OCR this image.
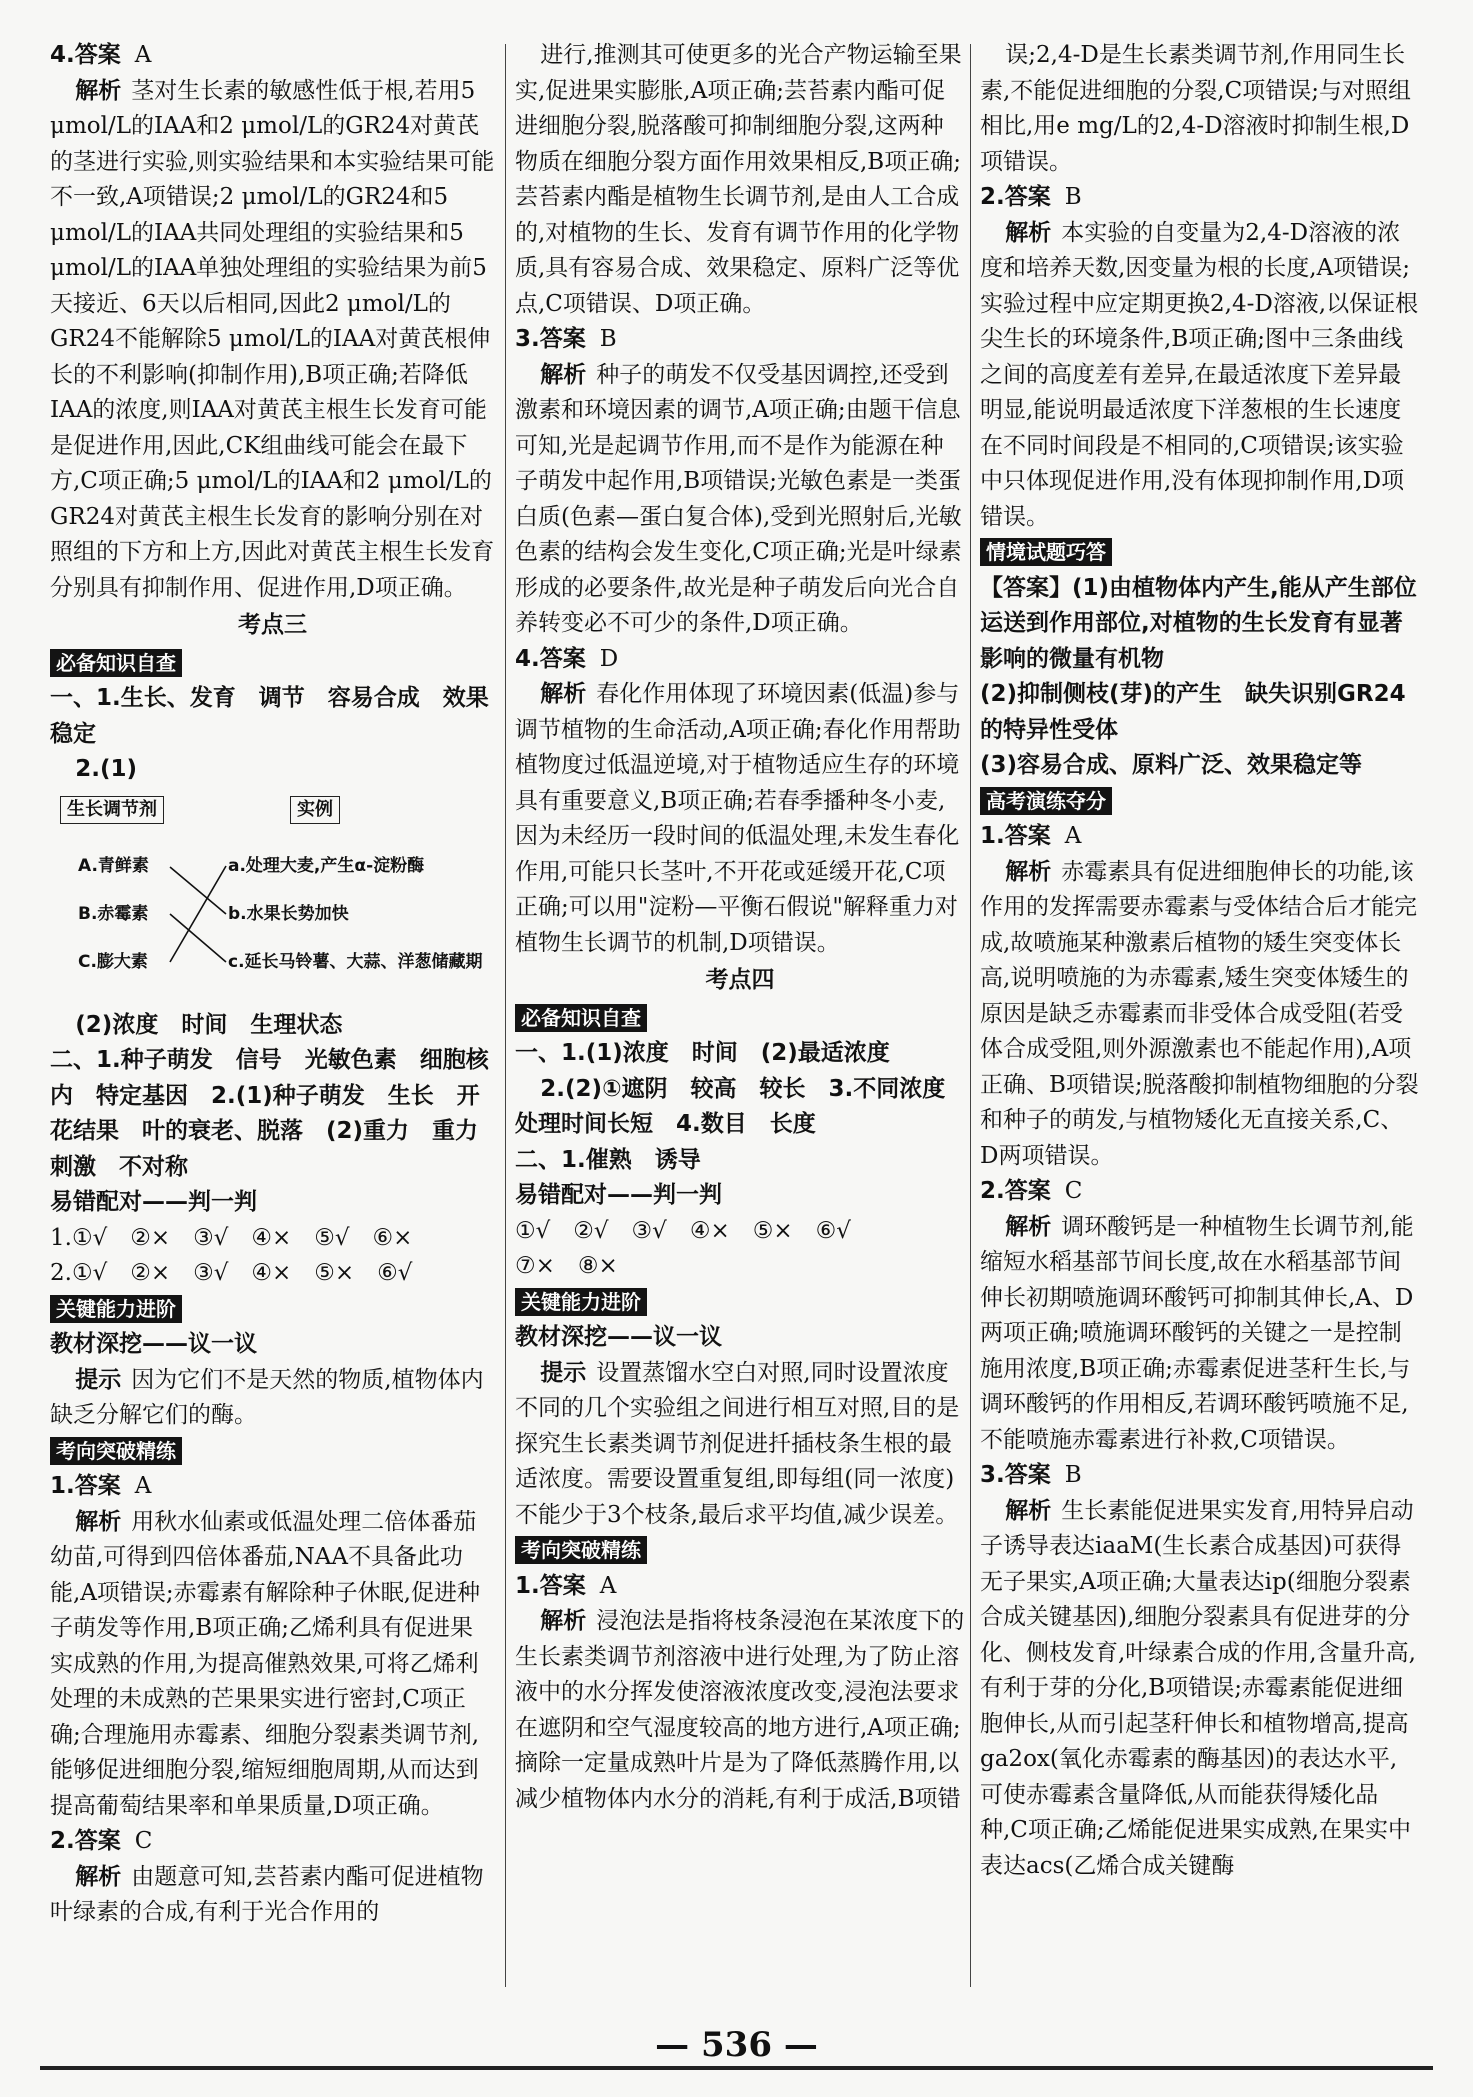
4.答案 A
解析 茎对生长素的敏感性低于根,若用5 μmol/L的IAA和2 μmol/L的GR24对黄芪的茎进行实验,则实验结果和本实验结果可能不一致,A项错误;2 μmol/L的GR24和5 μmol/L的IAA共同处理组的实验结果和5 μmol/L的IAA单独处理组的实验结果为前5天接近、6天以后相同,因此2 μmol/L的GR24不能解除5 μmol/L的IAA对黄芪根伸长的不利影响(抑制作用),B项正确;若降低IAA的浓度,则IAA对黄芪主根生长发育可能是促进作用,因此,CK组曲线可能会在最下方,C项正确;5 μmol/L的IAA和2 μmol/L的GR24对黄芪主根生长发育的影响分别在对照组的下方和上方,因此对黄芪主根生长发育分别具有抑制作用、促进作用,D项正确。
考点三
必备知识自查
一、1.生长、发育　调节　容易合成　效果稳定
2.(1)
生长调节剂	实例
A.青鲜素
B.赤霉素
C.膨大素
a.处理大麦,产生α-淀粉酶
b.水果长势加快
c.延长马铃薯、大蒜、洋葱储藏期
(2)浓度　时间　生理状态
二、1.种子萌发　信号　光敏色素　细胞核内　特定基因　2.(1)种子萌发　生长　开花结果　叶的衰老、脱落　(2)重力　重力刺激　不对称
易错配对——判一判
1.①√　②×　③√　④×　⑤√　⑥×
2.①√　②×　③√　④×　⑤×　⑥√
关键能力进阶
教材深挖——议一议
提示 因为它们不是天然的物质,植物体内缺乏分解它们的酶。
考向突破精练
1.答案 A
解析 用秋水仙素或低温处理二倍体番茄幼苗,可得到四倍体番茄,NAA不具备此功能,A项错误;赤霉素有解除种子休眠,促进种子萌发等作用,B项正确;乙烯利具有促进果实成熟的作用,为提高催熟效果,可将乙烯利处理的未成熟的芒果果实进行密封,C项正确;合理施用赤霉素、细胞分裂素类调节剂,能够促进细胞分裂,缩短细胞周期,从而达到提高葡萄结果率和单果质量,D项正确。
2.答案 C
解析 由题意可知,芸苔素内酯可促进植物叶绿素的合成,有利于光合作用的
进行,推测其可使更多的光合产物运输至果实,促进果实膨胀,A项正确;芸苔素内酯可促进细胞分裂,脱落酸可抑制细胞分裂,这两种物质在细胞分裂方面作用效果相反,B项正确;芸苔素内酯是植物生长调节剂,是由人工合成的,对植物的生长、发育有调节作用的化学物质,具有容易合成、效果稳定、原料广泛等优点,C项错误、D项正确。
3.答案 B
解析 种子的萌发不仅受基因调控,还受到激素和环境因素的调节,A项正确;由题干信息可知,光是起调节作用,而不是作为能源在种子萌发中起作用,B项错误;光敏色素是一类蛋白质(色素—蛋白复合体),受到光照射后,光敏色素的结构会发生变化,C项正确;光是叶绿素形成的必要条件,故光是种子萌发后向光合自养转变必不可少的条件,D项正确。
4.答案 D
解析 春化作用体现了环境因素(低温)参与调节植物的生命活动,A项正确;春化作用帮助植物度过低温逆境,对于植物适应生存的环境具有重要意义,B项正确;若春季播种冬小麦,因为未经历一段时间的低温处理,未发生春化作用,可能只长茎叶,不开花或延缓开花,C项正确;可以用"淀粉—平衡石假说"解释重力对植物生长调节的机制,D项错误。
考点四
必备知识自查
一、1.(1)浓度　时间　(2)最适浓度
2.(2)①遮阴　较高　较长　3.不同浓度　处理时间长短　4.数目　长度
二、1.催熟　诱导
易错配对——判一判
①√　②√　③√　④×　⑤×　⑥√
⑦×　⑧×
关键能力进阶
教材深挖——议一议
提示 设置蒸馏水空白对照,同时设置浓度不同的几个实验组之间进行相互对照,目的是探究生长素类调节剂促进扦插枝条生根的最适浓度。需要设置重复组,即每组(同一浓度)不能少于3个枝条,最后求平均值,减少误差。
考向突破精练
1.答案 A
解析 浸泡法是指将枝条浸泡在某浓度下的生长素类调节剂溶液中进行处理,为了防止溶液中的水分挥发使溶液浓度改变,浸泡法要求在遮阴和空气湿度较高的地方进行,A项正确;摘除一定量成熟叶片是为了降低蒸腾作用,以减少植物体内水分的消耗,有利于成活,B项错
误;2,4-D是生长素类调节剂,作用同生长素,不能促进细胞的分裂,C项错误;与对照组相比,用e mg/L的2,4-D溶液时抑制生根,D项错误。
2.答案 B
解析 本实验的自变量为2,4-D溶液的浓度和培养天数,因变量为根的长度,A项错误;实验过程中应定期更换2,4-D溶液,以保证根尖生长的环境条件,B项正确;图中三条曲线之间的高度差有差异,在最适浓度下差异最明显,能说明最适浓度下洋葱根的生长速度在不同时间段是不相同的,C项错误;该实验中只体现促进作用,没有体现抑制作用,D项错误。
情境试题巧答
【答案】(1)由植物体内产生,能从产生部位运送到作用部位,对植物的生长发育有显著影响的微量有机物
(2)抑制侧枝(芽)的产生　缺失识别GR24的特异性受体
(3)容易合成、原料广泛、效果稳定等
高考演练夺分
1.答案 A
解析 赤霉素具有促进细胞伸长的功能,该作用的发挥需要赤霉素与受体结合后才能完成,故喷施某种激素后植物的矮生突变体长高,说明喷施的为赤霉素,矮生突变体矮生的原因是缺乏赤霉素而非受体合成受阻(若受体合成受阻,则外源激素也不能起作用),A项正确、B项错误;脱落酸抑制植物细胞的分裂和种子的萌发,与植物矮化无直接关系,C、D两项错误。
2.答案 C
解析 调环酸钙是一种植物生长调节剂,能缩短水稻基部节间长度,故在水稻基部节间伸长初期喷施调环酸钙可抑制其伸长,A、D两项正确;喷施调环酸钙的关键之一是控制施用浓度,B项正确;赤霉素促进茎秆生长,与调环酸钙的作用相反,若调环酸钙喷施不足,不能喷施赤霉素进行补救,C项错误。
3.答案 B
解析 生长素能促进果实发育,用特异启动子诱导表达iaaM(生长素合成基因)可获得无子果实,A项正确;大量表达ip(细胞分裂素合成关键基因),细胞分裂素具有促进芽的分化、侧枝发育,叶绿素合成的作用,含量升高,有利于芽的分化,B项错误;赤霉素能促进细胞伸长,从而引起茎秆伸长和植物增高,提高ga2ox(氧化赤霉素的酶基因)的表达水平,可使赤霉素含量降低,从而能获得矮化品种,C项正确;乙烯能促进果实成熟,在果实中表达acs(乙烯合成关键酶
— 536 —
